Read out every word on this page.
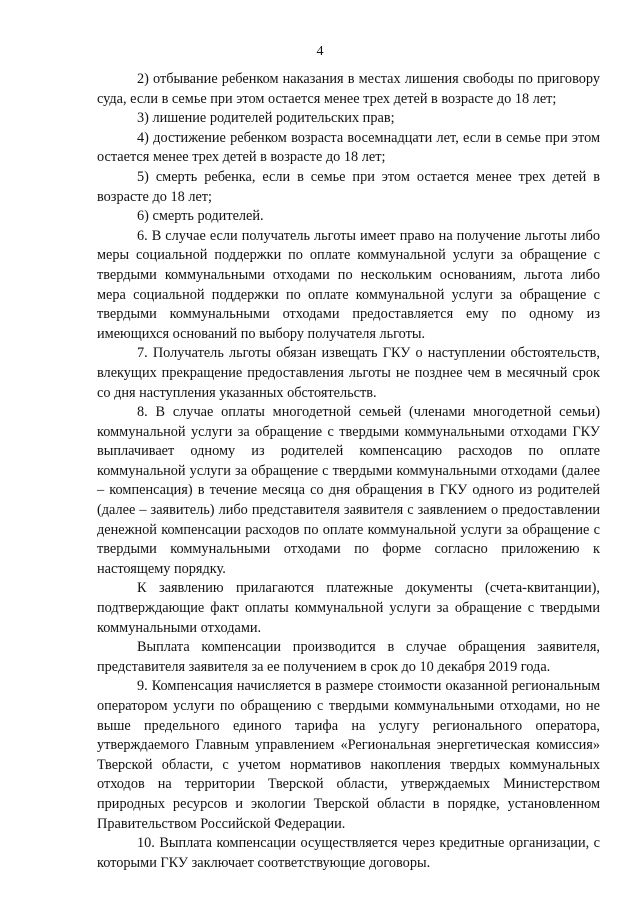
4

2) отбывание ребенком наказания в местах лишения свободы по приговору суда, если в семье при этом остается менее трех детей в возрасте до 18 лет;

3) лишение родителей родительских прав;

4) достижение ребенком возраста восемнадцати лет, если в семье при этом остается менее трех детей в возрасте до 18 лет;

5) смерть ребенка, если в семье при этом остается менее трех детей в возрасте до 18 лет;

6) смерть родителей.

6. В случае если получатель льготы имеет право на получение льготы либо меры социальной поддержки по оплате коммунальной услуги за обращение с твердыми коммунальными отходами по нескольким основаниям, льгота либо мера социальной поддержки по оплате коммунальной услуги за обращение с твердыми коммунальными отходами предоставляется ему по одному из имеющихся оснований по выбору получателя льготы.

7. Получатель льготы обязан извещать ГКУ о наступлении обстоятельств, влекущих прекращение предоставления льготы не позднее чем в месячный срок со дня наступления указанных обстоятельств.

8. В случае оплаты многодетной семьей (членами многодетной семьи) коммунальной услуги за обращение с твердыми коммунальными отходами ГКУ выплачивает одному из родителей компенсацию расходов по оплате коммунальной услуги за обращение с твердыми коммунальными отходами (далее – компенсация) в течение месяца со дня обращения в ГКУ одного из родителей (далее – заявитель) либо представителя заявителя с заявлением о предоставлении денежной компенсации расходов по оплате коммунальной услуги за обращение с твердыми коммунальными отходами по форме согласно приложению к настоящему порядку.

К заявлению прилагаются платежные документы (счета-квитанции), подтверждающие факт оплаты коммунальной услуги за обращение с твердыми коммунальными отходами.

Выплата компенсации производится в случае обращения заявителя, представителя заявителя за ее получением в срок до 10 декабря 2019 года.

9. Компенсация начисляется в размере стоимости оказанной региональным оператором услуги по обращению с твердыми коммунальными отходами, но не выше предельного единого тарифа на услугу регионального оператора, утверждаемого Главным управлением «Региональная энергетическая комиссия» Тверской области, с учетом нормативов накопления твердых коммунальных отходов на территории Тверской области, утверждаемых Министерством природных ресурсов и экологии Тверской области в порядке, установленном Правительством Российской Федерации.

10. Выплата компенсации осуществляется через кредитные организации, с которыми ГКУ заключает соответствующие договоры.
